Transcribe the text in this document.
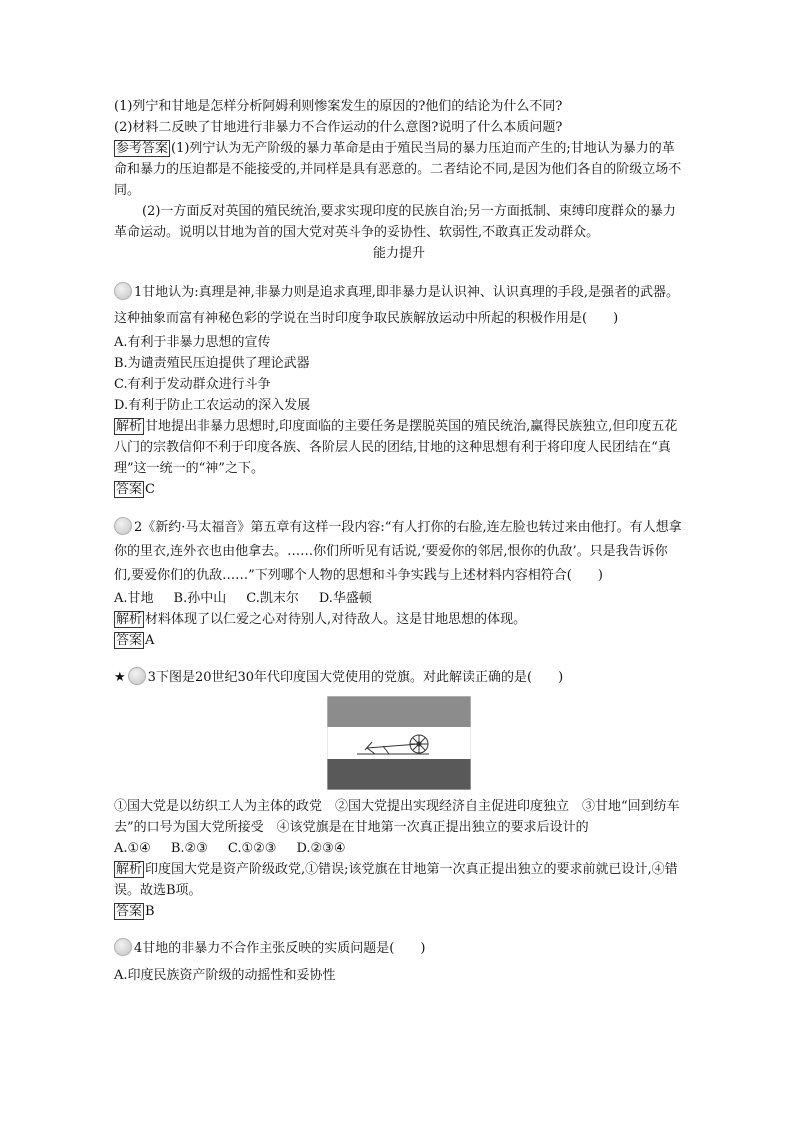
(1)列宁和甘地是怎样分析阿姆利则惨案发生的原因的?他们的结论为什么不同?

(2)材料二反映了甘地进行非暴力不合作运动的什么意图?说明了什么本质问题?

参考答案 (1)列宁认为无产阶级的暴力革命是由于殖民当局的暴力压迫而产生的;甘地认为暴力的革命和暴力的压迫都是不能接受的,并同样是具有恶意的。二者结论不同,是因为他们各自的阶级立场不同。

(2)一方面反对英国的殖民统治,要求实现印度的民族自治;另一方面抵制、束缚印度群众的暴力革命运动。说明以甘地为首的国大党对英斗争的妥协性、软弱性,不敢真正发动群众。

能力提升

1甘地认为:真理是神,非暴力则是追求真理,即非暴力是认识神、认识真理的手段,是强者的武器。这种抽象而富有神秘色彩的学说在当时印度争取民族解放运动中所起的积极作用是(　　)

A.有利于非暴力思想的宣传

B.为谴责殖民压迫提供了理论武器

C.有利于发动群众进行斗争

D.有利于防止工农运动的深入发展

解析 甘地提出非暴力思想时,印度面临的主要任务是摆脱英国的殖民统治,赢得民族独立,但印度五花八门的宗教信仰不利于印度各族、各阶层人民的团结,甘地的这种思想有利于将印度人民团结在“真理”这一统一的“神”之下。

答案 C

2《新约·马太福音》第五章有这样一段内容:“有人打你的右脸,连左脸也转过来由他打。有人想拿你的里衣,连外衣也由他拿去。……你们所听见有话说,‘要爱你的邻居,恨你的仇敌’。只是我告诉你们,要爱你们的仇敌……”下列哪个人物的思想和斗争实践与上述材料内容相符合(　　)

A.甘地 B.孙中山 C.凯末尔 D.华盛顿

解析 材料体现了以仁爱之心对待别人,对待敌人。这是甘地思想的体现。

答案 A

★ 3下图是20世纪30年代印度国大党使用的党旗。对此解读正确的是(　　)

①国大党是以纺织工人为主体的政党　②国大党提出实现经济自主促进印度独立　③甘地“回到纺车去”的口号为国大党所接受　④该党旗是在甘地第一次真正提出独立的要求后设计的

A.①④ B.②③ C.①②③ D.②③④

解析 印度国大党是资产阶级政党,①错误;该党旗在甘地第一次真正提出独立的要求前就已设计,④错误。故选B项。

答案 B

4甘地的非暴力不合作主张反映的实质问题是(　　)

A.印度民族资产阶级的动摇性和妥协性
